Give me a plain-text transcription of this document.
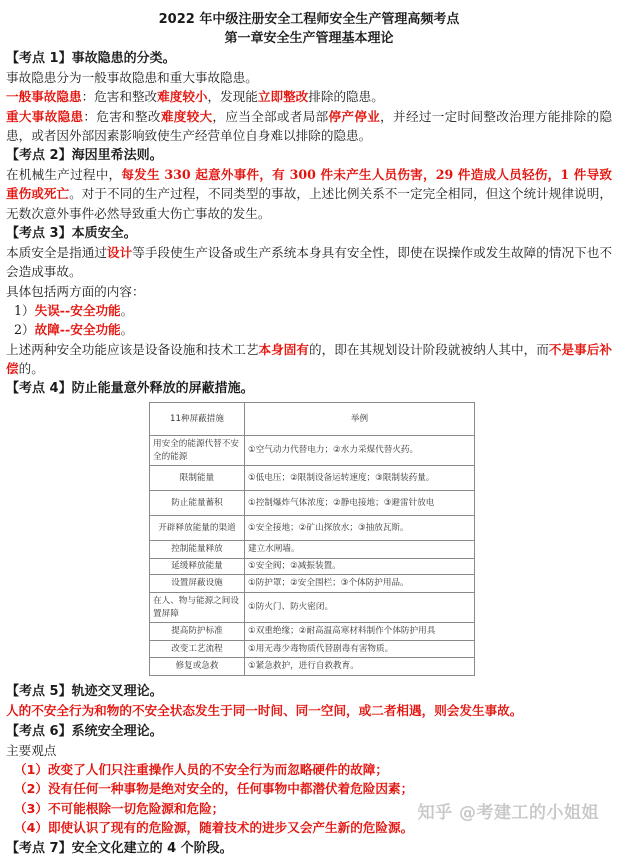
2022 年中级注册安全工程师安全生产管理高频考点
第一章安全生产管理基本理论
【考点 1】事故隐患的分类。
事故隐患分为一般事故隐患和重大事故隐患。
一般事故隐患：危害和整改难度较小，发现能立即整改排除的隐患。
重大事故隐患：危害和整改难度较大，应当全部或者局部停产停业，并经过一定时间整改治理方能排除的隐患，或者因外部因素影响致使生产经营单位自身难以排除的隐患。
【考点 2】海因里希法则。
在机械生产过程中，每发生 330 起意外事件，有 300 件未产生人员伤害，29 件造成人员轻伤，1 件导致重伤或死亡。对于不同的生产过程，不同类型的事故，上述比例关系不一定完全相同，但这个统计规律说明，无数次意外事件必然导致重大伤亡事故的发生。
【考点 3】本质安全。
本质安全是指通过设计等手段使生产设备或生产系统本身具有安全性，即使在误操作或发生故障的情况下也不会造成事故。
具体包括两方面的内容：
1）失误--安全功能。
2）故障--安全功能。
上述两种安全功能应该是设备设施和技术工艺本身固有的，即在其规划设计阶段就被纳人其中，而不是事后补偿的。
【考点 4】防止能量意外释放的屏蔽措施。
11种屏蔽措施	举例
用安全的能源代替不安全的能源	①空气动力代替电力；②水力采煤代替火药。
限制能量	①低电压；②限制设备运转速度；③限制装药量。
防止能量蓄积	①控制爆炸气体浓度；②静电接地；③避雷针放电
开辟释放能量的渠道	①安全接地；②矿山探放水；③抽放瓦斯。
控制能量释放	建立水闸墙。
延缓释放能量	①安全阀；②减振装置。
设置屏蔽设施	①防护罩；②安全围栏；③个体防护用品。
在人、物与能源之间设置屏障	①防火门、防火密闭。
提高防护标准	①双重绝缘；②耐高温高寒材料制作个体防护用具
改变工艺流程	①用无毒少毒物质代替剧毒有害物质。
修复或急救	①紧急救护，进行自救教育。
【考点 5】轨迹交叉理论。
人的不安全行为和物的不安全状态发生于同一时间、同一空间，或二者相遇，则会发生事故。
【考点 6】系统安全理论。
主要观点
（1）改变了人们只注重操作人员的不安全行为而忽略硬件的故障；
（2）没有任何一种事物是绝对安全的，任何事物中都潜伏着危险因素；
（3）不可能根除一切危险源和危险；
（4）即使认识了现有的危险源，随着技术的进步又会产生新的危险源。
【考点 7】安全文化建立的 4 个阶段。
知乎 @考建工的小姐姐
